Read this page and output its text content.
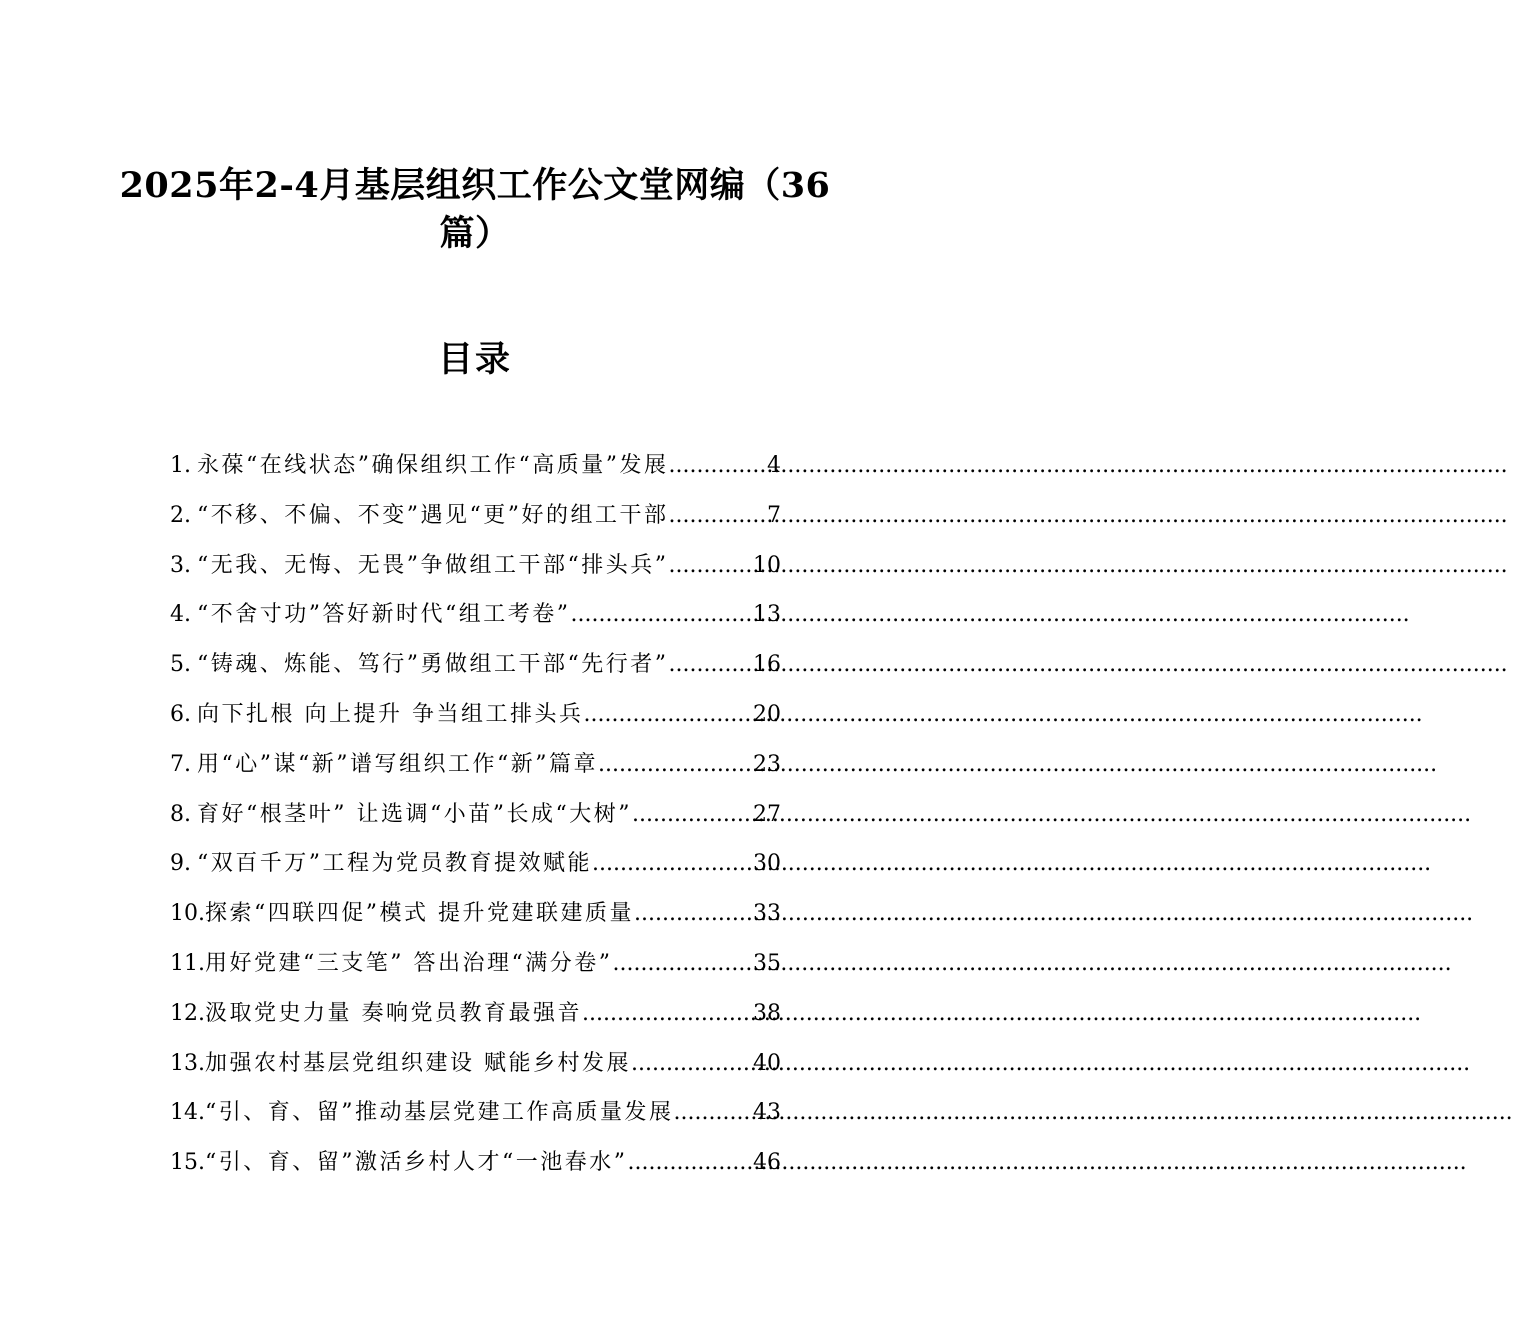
2025年2-4月基层组织工作公文堂网编（36篇）
目录
1. 永葆“在线状态”确保组织工作“高质量”发展 .....	4
2. “不移、不偏、不变”遇见“更”好的组工干部 .....	7
3. “无我、无悔、无畏”争做组工干部“排头兵” .....	10
4. “不舍寸功”答好新时代“组工考卷” .....	13
5. “铸魂、炼能、笃行”勇做组工干部“先行者” .....	16
6. 向下扎根 向上提升 争当组工排头兵 .....	20
7. 用“心”谋“新”谱写组织工作“新”篇章 .....	23
8. 育好“根茎叶” 让选调“小苗”长成“大树” .....	27
9. “双百千万”工程为党员教育提效赋能 .....	30
10. 探索“四联四促”模式 提升党建联建质量 .....	33
11. 用好党建“三支笔” 答出治理“满分卷” .....	35
12. 汲取党史力量 奏响党员教育最强音 .....	38
13. 加强农村基层党组织建设 赋能乡村发展 .....	40
14. “引、育、留”推动基层党建工作高质量发展 .....	43
15. “引、育、留”激活乡村人才“一池春水” .....	46
